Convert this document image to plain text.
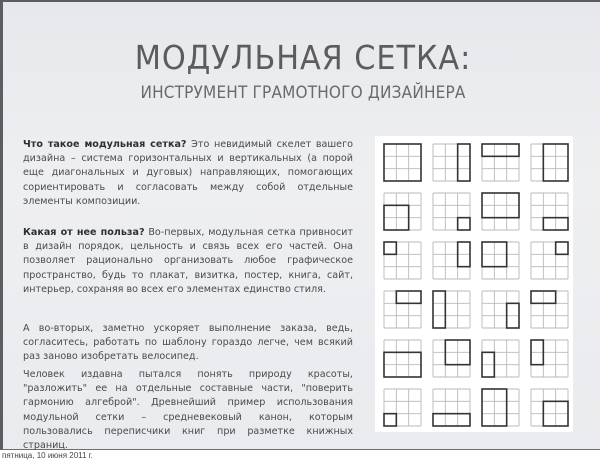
МОДУЛЬНАЯ СЕТКА:
ИНСТРУМЕНТ ГРАМОТНОГО ДИЗАЙНЕРА

Что такое модульная сетка? Это невидимый скелет вашего дизайна – система горизонтальных и вертикальных (а порой еще диагональных и дуговых) направляющих, помогающих сориентировать и согласовать между собой отдельные элементы композиции.

Какая от нее польза? Во-первых, модульная сетка привносит в дизайн порядок, цельность и связь всех его частей. Она позволяет рационально организовать любое графическое пространство, будь то плакат, визитка, постер, книга, сайт, интерьер, сохраняя во всех его элементах единство стиля.

А во-вторых, заметно ускоряет выполнение заказа, ведь, согласитесь, работать по шаблону гораздо легче, чем всякий раз заново изобретать велосипед.

Человек издавна пытался понять природу красоты, "разложить" ее на отдельные составные части, "поверить гармонию алгеброй". Древнейший пример использования модульной сетки – средневековый канон, которым пользовались переписчики книг при разметке книжных страниц.

пятница, 10 июня 2011 г.
